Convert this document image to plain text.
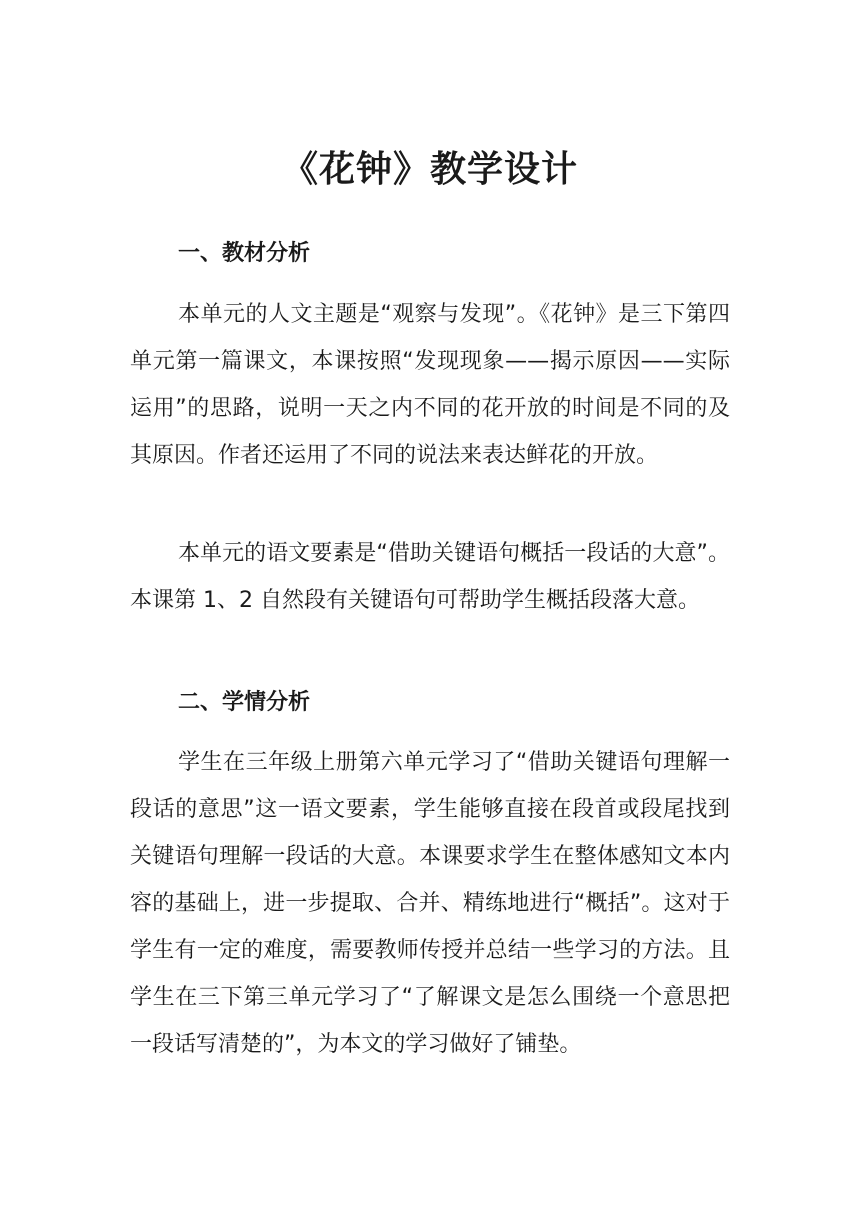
《花钟》教学设计
一、教材分析

本单元的人文主题是“观察与发现”。《花钟》是三下第四单元第一篇课文，本课按照“发现现象——揭示原因——实际运用”的思路，说明一天之内不同的花开放的时间是不同的及其原因。作者还运用了不同的说法来表达鲜花的开放。

本单元的语文要素是“借助关键语句概括一段话的大意”。本课第 1、2 自然段有关键语句可帮助学生概括段落大意。

二、学情分析

学生在三年级上册第六单元学习了“借助关键语句理解一段话的意思”这一语文要素，学生能够直接在段首或段尾找到关键语句理解一段话的大意。本课要求学生在整体感知文本内容的基础上，进一步提取、合并、精练地进行“概括”。这对于学生有一定的难度，需要教师传授并总结一些学习的方法。且学生在三下第三单元学习了“了解课文是怎么围绕一个意思把一段话写清楚的”，为本文的学习做好了铺垫。
